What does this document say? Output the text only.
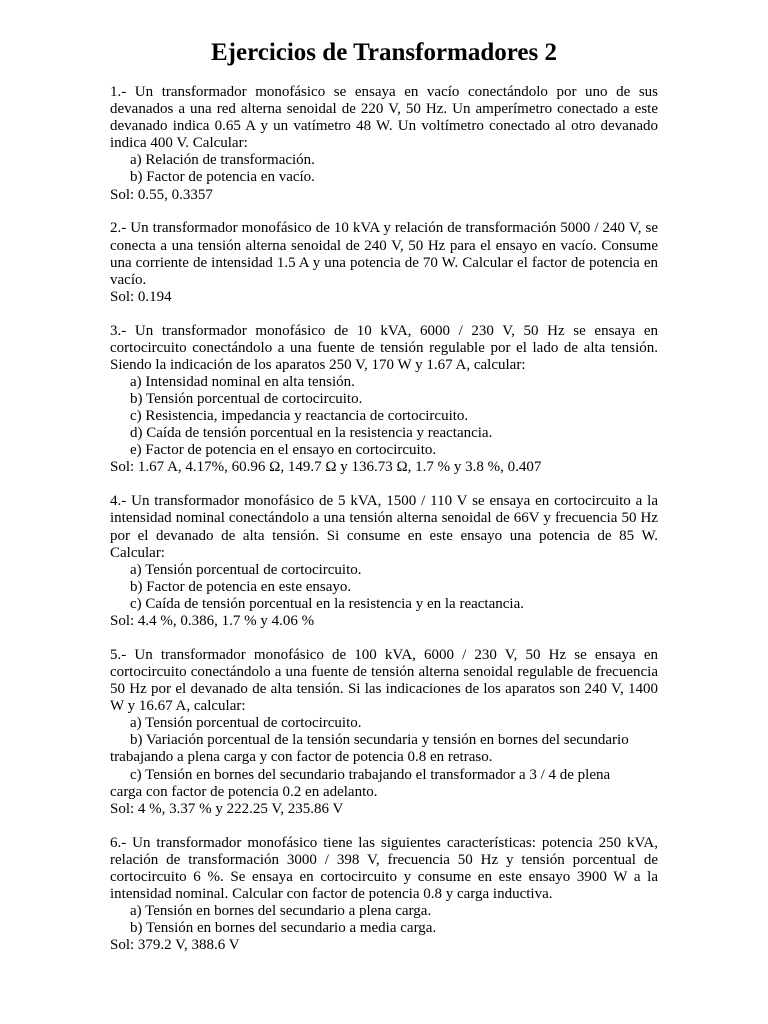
Ejercicios de Transformadores 2

1.- Un transformador monofásico se ensaya en vacío conectándolo por uno de sus devanados a una red alterna senoidal de 220 V, 50 Hz. Un amperímetro conectado a este devanado indica 0.65 A y un vatímetro 48 W. Un voltímetro conectado al otro devanado indica 400 V. Calcular:

a) Relación de transformación.

b) Factor de potencia en vacío.

Sol: 0.55, 0.3357

2.- Un transformador monofásico de 10 kVA y relación de transformación 5000 / 240 V, se conecta a una tensión alterna senoidal de 240 V, 50 Hz para el ensayo en vacío. Consume una corriente de intensidad 1.5 A y una potencia de 70 W. Calcular el factor de potencia en vacío.

Sol: 0.194

3.- Un transformador monofásico de 10 kVA, 6000 / 230 V, 50 Hz se ensaya en cortocircuito conectándolo a una fuente de tensión regulable por el lado de alta tensión. Siendo la indicación de los aparatos 250 V, 170 W y 1.67 A, calcular:

a) Intensidad nominal en alta tensión.

b) Tensión porcentual de cortocircuito.

c) Resistencia, impedancia y reactancia de cortocircuito.

d) Caída de tensión porcentual en la resistencia y reactancia.

e) Factor de potencia en el ensayo en cortocircuito.

Sol: 1.67 A, 4.17%, 60.96 Ω, 149.7 Ω y 136.73 Ω, 1.7 % y 3.8 %, 0.407

4.- Un transformador monofásico de 5 kVA, 1500 / 110 V se ensaya en cortocircuito a la intensidad nominal conectándolo a una tensión alterna senoidal de 66V y frecuencia 50 Hz por el devanado de alta tensión. Si consume en este ensayo una potencia de 85 W. Calcular:

a) Tensión porcentual de cortocircuito.

b) Factor de potencia en este ensayo.

c) Caída de tensión porcentual en la resistencia y en la reactancia.

Sol: 4.4 %, 0.386, 1.7 % y 4.06 %

5.- Un transformador monofásico de 100 kVA, 6000 / 230 V, 50 Hz se ensaya en cortocircuito conectándolo a una fuente de tensión alterna senoidal regulable de frecuencia 50 Hz por el devanado de alta tensión. Si las indicaciones de los aparatos son 240 V, 1400 W y 16.67 A, calcular:

a) Tensión porcentual de cortocircuito.

b) Variación porcentual de la tensión secundaria y tensión en bornes del secundario

trabajando a plena carga y con factor de potencia 0.8 en retraso.

c) Tensión en bornes del secundario trabajando el transformador a 3 / 4 de plena

carga con factor de potencia 0.2 en adelanto.

Sol: 4 %, 3.37 % y 222.25 V, 235.86 V

6.- Un transformador monofásico tiene las siguientes características: potencia 250 kVA, relación de transformación 3000 / 398 V, frecuencia 50 Hz y tensión porcentual de cortocircuito 6 %. Se ensaya en cortocircuito y consume en este ensayo 3900 W a la intensidad nominal. Calcular con factor de potencia 0.8 y carga inductiva.

a) Tensión en bornes del secundario a plena carga.

b) Tensión en bornes del secundario a media carga.

Sol: 379.2 V, 388.6 V
